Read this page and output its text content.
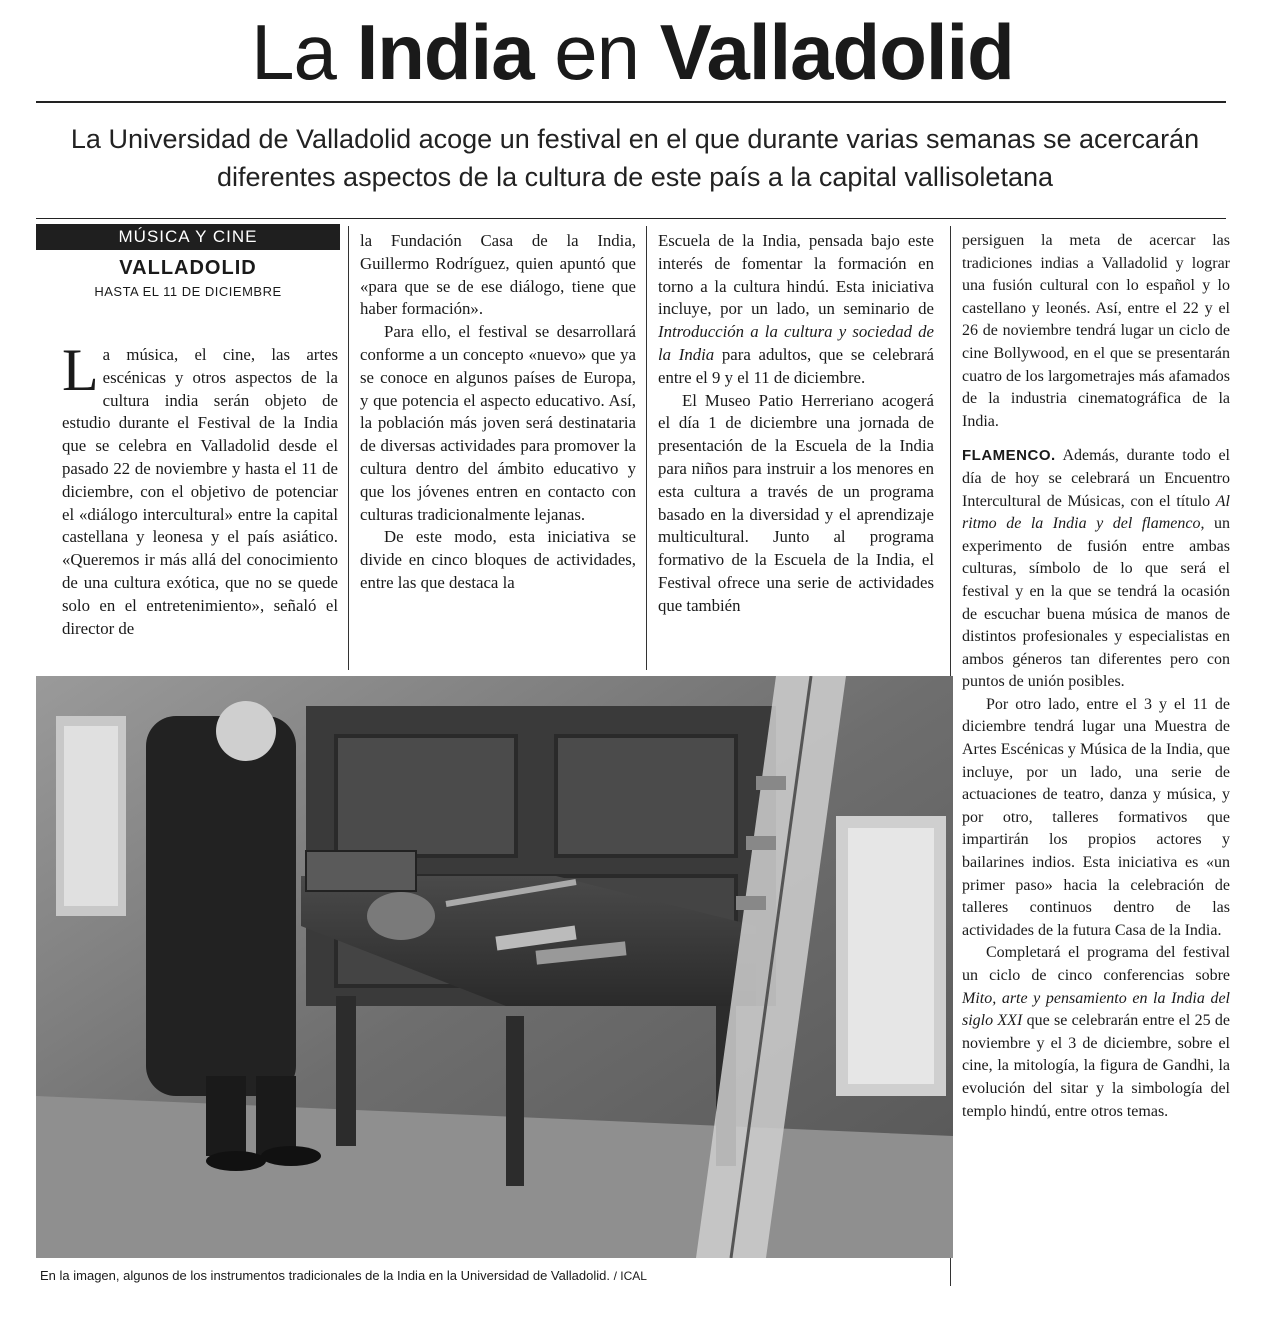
La India en Valladolid
La Universidad de Valladolid acoge un festival en el que durante varias semanas se acercarán diferentes aspectos de la cultura de este país a la capital vallisoletana
MÚSICA Y CINE
VALLADOLID
HASTA EL 11 DE DICIEMBRE

La música, el cine, las artes escénicas y otros aspectos de la cultura india serán objeto de estudio durante el Festival de la India que se celebra en Valladolid desde el pasado 22 de noviembre y hasta el 11 de diciembre, con el objetivo de potenciar el «diálogo intercultural» entre la capital castellana y leonesa y el país asiático. «Queremos ir más allá del conocimiento de una cultura exótica, que no se quede solo en el entretenimiento», señaló el director de

la Fundación Casa de la India, Guillermo Rodríguez, quien apuntó que «para que se de ese diálogo, tiene que haber formación».

Para ello, el festival se desarrollará conforme a un concepto «nuevo» que ya se conoce en algunos países de Europa, y que potencia el aspecto educativo. Así, la población más joven será destinataria de diversas actividades para promover la cultura dentro del ámbito educativo y que los jóvenes entren en contacto con culturas tradicionalmente lejanas.

De este modo, esta iniciativa se divide en cinco bloques de actividades, entre las que destaca la

Escuela de la India, pensada bajo este interés de fomentar la formación en torno a la cultura hindú. Esta iniciativa incluye, por un lado, un seminario de Introducción a la cultura y sociedad de la India para adultos, que se celebrará entre el 9 y el 11 de diciembre.

El Museo Patio Herreriano acogerá el día 1 de diciembre una jornada de presentación de la Escuela de la India para niños para instruir a los menores en esta cultura a través de un programa basado en la diversidad y el aprendizaje multicultural. Junto al programa formativo de la Escuela de la India, el Festival ofrece una serie de actividades que también

persiguen la meta de acercar las tradiciones indias a Valladolid y lograr una fusión cultural con lo español y lo castellano y leonés. Así, entre el 22 y el 26 de noviembre tendrá lugar un ciclo de cine Bollywood, en el que se presentarán cuatro de los largometrajes más afamados de la industria cinematográfica de la India.

FLAMENCO. Además, durante todo el día de hoy se celebrará un Encuentro Intercultural de Músicas, con el título Al ritmo de la India y del flamenco, un experimento de fusión entre ambas culturas, símbolo de lo que será el festival y en la que se tendrá la ocasión de escuchar buena música de manos de distintos profesionales y especialistas en ambos géneros tan diferentes pero con puntos de unión posibles.

Por otro lado, entre el 3 y el 11 de diciembre tendrá lugar una Muestra de Artes Escénicas y Música de la India, que incluye, por un lado, una serie de actuaciones de teatro, danza y música, y por otro, talleres formativos que impartirán los propios actores y bailarines indios. Esta iniciativa es «un primer paso» hacia la celebración de talleres continuos dentro de las actividades de la futura Casa de la India.

Completará el programa del festival un ciclo de cinco conferencias sobre Mito, arte y pensamiento en la India del siglo XXI que se celebrarán entre el 25 de noviembre y el 3 de diciembre, sobre el cine, la mitología, la figura de Gandhi, la evolución del sitar y la simbología del templo hindú, entre otros temas.

En la imagen, algunos de los instrumentos tradicionales de la India en la Universidad de Valladolid. / ICAL
